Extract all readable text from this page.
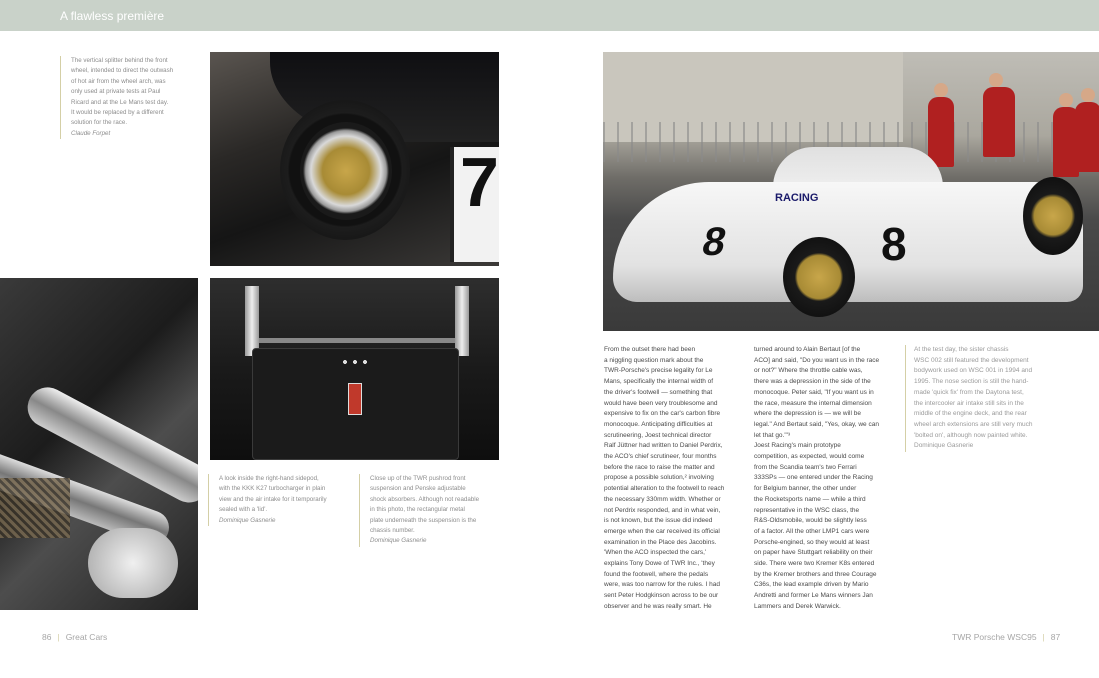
A flawless première
The vertical splitter behind the front
wheel, intended to direct the outwash
of hot air from the wheel arch, was
only used at private tests at Paul
Ricard and at the Le Mans test day.
It would be replaced by a different
solution for the race.
Claude Forpet
7	RACING
8	8
A look inside the right-hand sidepod,
with the KKK K27 turbocharger in plain
view and the air intake for it temporarily
sealed with a 'lid'.
Dominique Gasnerie
Close up of the TWR pushrod front
suspension and Penske adjustable
shock absorbers. Although not readable
in this photo, the rectangular metal
plate underneath the suspension is the
chassis number.
Dominique Gasnerie
From the outset there had been
a niggling question mark about the
TWR-Porsche's precise legality for Le
Mans, specifically the internal width of
the driver's footwell — something that
would have been very troublesome and
expensive to fix on the car's carbon fibre
monocoque. Anticipating difficulties at
scrutineering, Joest technical director
Ralf Jüttner had written to Daniel Perdrix,
the ACO's chief scrutineer, four months
before the race to raise the matter and
propose a possible solution,² involving
potential alteration to the footwell to reach
the necessary 330mm width. Whether or
not Perdrix responded, and in what vein,
is not known, but the issue did indeed
emerge when the car received its official
examination in the Place des Jacobins.
'When the ACO inspected the cars,'
explains Tony Dowe of TWR Inc., 'they
found the footwell, where the pedals
were, was too narrow for the rules. I had
sent Peter Hodgkinson across to be our
observer and he was really smart. He
turned around to Alain Bertaut [of the
ACO] and said, "Do you want us in the race
or not?" Where the throttle cable was,
there was a depression in the side of the
monocoque. Peter said, "If you want us in
the race, measure the internal dimension
where the depression is — we will be
legal." And Bertaut said, "Yes, okay, we can
let that go."'³
Joest Racing's main prototype
competition, as expected, would come
from the Scandia team's two Ferrari
333SPs — one entered under the Racing
for Belgium banner, the other under
the Rocketsports name — while a third
representative in the WSC class, the
R&S-Oldsmobile, would be slightly less
of a factor. All the other LMP1 cars were
Porsche-engined, so they would at least
on paper have Stuttgart reliability on their
side. There were two Kremer K8s entered
by the Kremer brothers and three Courage
C36s, the lead example driven by Mario
Andretti and former Le Mans winners Jan
Lammers and Derek Warwick.
At the test day, the sister chassis
WSC 002 still featured the development
bodywork used on WSC 001 in 1994 and
1995. The nose section is still the hand-
made 'quick fix' from the Daytona test,
the intercooler air intake still sits in the
middle of the engine deck, and the rear
wheel arch extensions are still very much
'bolted on', although now painted white.
Dominique Gasnerie
86 | Great Cars	TWR Porsche WSC95 | 87
